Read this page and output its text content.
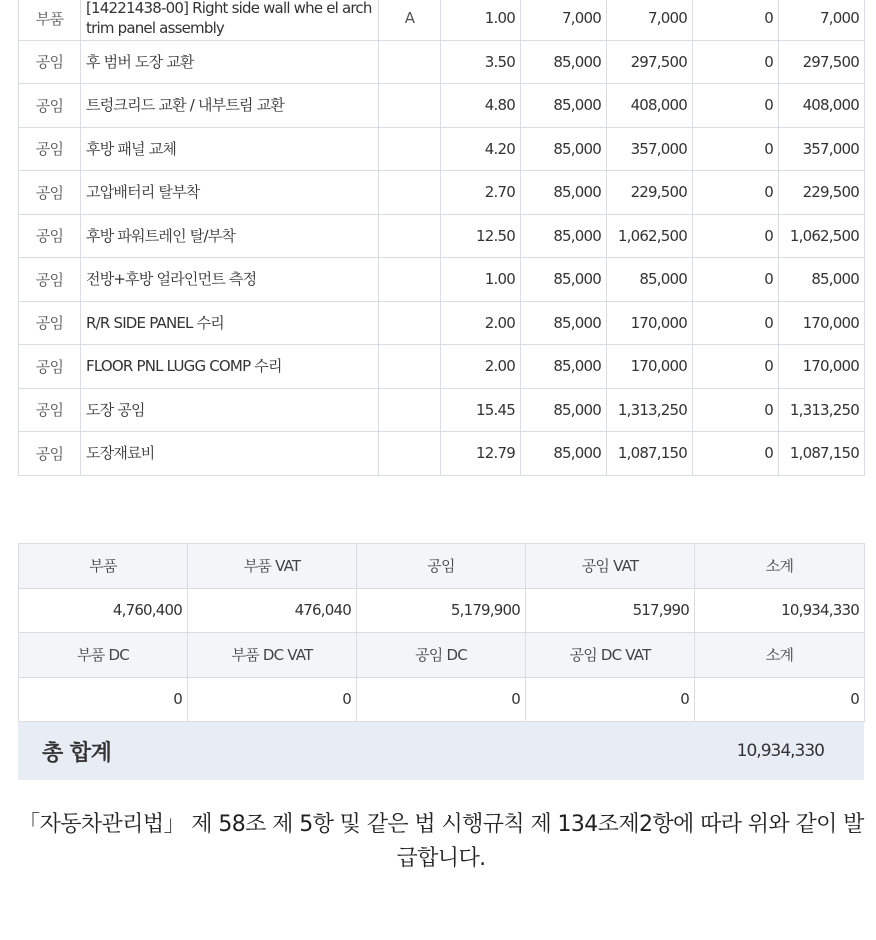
부품	[14221438-00] Right side wall whe el arch trim panel assembly	A	1.00	7,000	7,000	0	7,000
공임	후 범버 도장 교환		3.50	85,000	297,500	0	297,500
공임	트렁크리드 교환 / 내부트림 교환		4.80	85,000	408,000	0	408,000
공임	후방 패널 교체		4.20	85,000	357,000	0	357,000
공임	고압배터리 탈부착		2.70	85,000	229,500	0	229,500
공임	후방 파워트레인 탈/부착		12.50	85,000	1,062,500	0	1,062,500
공임	전방+후방 얼라인먼트 측정		1.00	85,000	85,000	0	85,000
공임	R/R SIDE PANEL 수리		2.00	85,000	170,000	0	170,000
공임	FLOOR PNL LUGG COMP 수리		2.00	85,000	170,000	0	170,000
공임	도장 공임		15.45	85,000	1,313,250	0	1,313,250
공임	도장재료비		12.79	85,000	1,087,150	0	1,087,150
부품	부품 VAT	공임	공임 VAT	소계
4,760,400	476,040	5,179,900	517,990	10,934,330
부품 DC	부품 DC VAT	공임 DC	공임 DC VAT	소계
0	0	0	0	0
총 합계	10,934,330
「자동차관리법」 제 58조 제 5항 및 같은 법 시행규칙 제 134조제2항에 따라 위와 같이 발급합니다.
